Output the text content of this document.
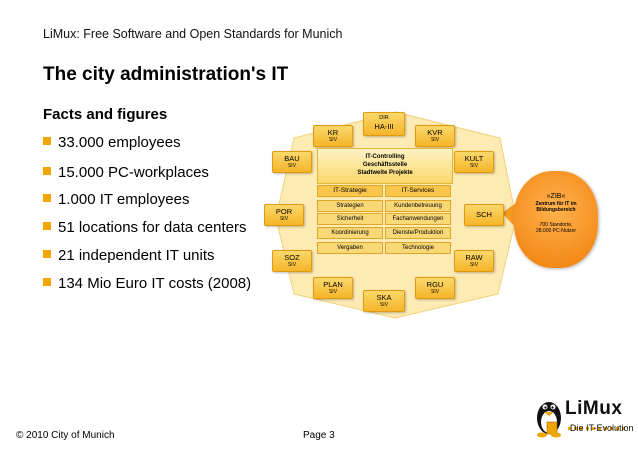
LiMux: Free Software and Open Standards for Munich
The city administration's IT
Facts and figures
33.000 employees
15.000 PC-workplaces
1.000 IT employees
51 locations for data centers
21 independent IT units
134 Mio Euro IT costs (2008)
DIR
HA-III
KR
SIV
KVR
SIV
BAU
SIV
KULT
SIV
POR
SIV	SCH
SOZ
SIV
RAW
SIV
PLAN
SIV
RGU
SIV
SKA
SIV
IT-Controlling
Geschäftsstelle
Stadtweite Projekte
IT-Strategie	IT-Services
Strategien	Kundenbetreuung
Sicherheit	Fachanwendungen
Koordinierung	Dienste/Produktion
Vergaben	Technologie
»ZIB«
Zentrum für IT im
Bildungsbereich
700 Standorte,
28.000 PC-Nutzer
© 2010 City of Munich	Page 3
LiMux
Die IT-Evolution
